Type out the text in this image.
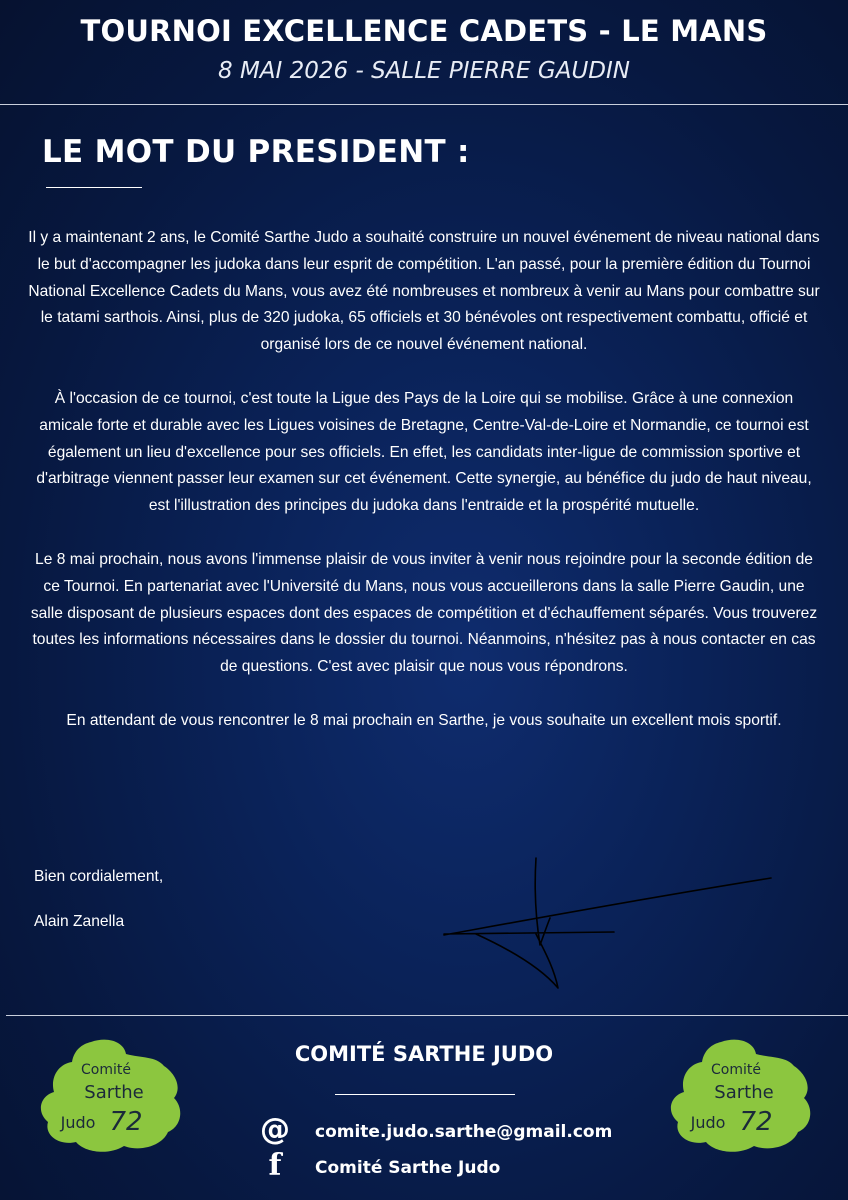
TOURNOI EXCELLENCE CADETS - LE MANS
8 MAI 2026 - SALLE PIERRE GAUDIN
LE MOT DU PRESIDENT :

Il y a maintenant 2 ans, le Comité Sarthe Judo a souhaité construire un nouvel événement de niveau national dans le but d'accompagner les judoka dans leur esprit de compétition. L'an passé, pour la première édition du Tournoi National Excellence Cadets du Mans, vous avez été nombreuses et nombreux à venir au Mans pour combattre sur le tatami sarthois. Ainsi, plus de 320 judoka, 65 officiels et 30 bénévoles ont respectivement combattu, officié et organisé lors de ce nouvel événement national.

À l'occasion de ce tournoi, c'est toute la Ligue des Pays de la Loire qui se mobilise. Grâce à une connexion amicale forte et durable avec les Ligues voisines de Bretagne, Centre-Val-de-Loire et Normandie, ce tournoi est également un lieu d'excellence pour ses officiels. En effet, les candidats inter-ligue de commission sportive et d'arbitrage viennent passer leur examen sur cet événement. Cette synergie, au bénéfice du judo de haut niveau, est l'illustration des principes du judoka dans l'entraide et la prospérité mutuelle.

Le 8 mai prochain, nous avons l'immense plaisir de vous inviter à venir nous rejoindre pour la seconde édition de ce Tournoi. En partenariat avec l'Université du Mans, nous vous accueillerons dans la salle Pierre Gaudin, une salle disposant de plusieurs espaces dont des espaces de compétition et d'échauffement séparés. Vous trouverez toutes les informations nécessaires dans le dossier du tournoi. Néanmoins, n'hésitez pas à nous contacter en cas de questions. C'est avec plaisir que nous vous répondrons.

En attendant de vous rencontrer le 8 mai prochain en Sarthe, je vous souhaite un excellent mois sportif.

Bien cordialement,
Alain Zanella
Comité
Sarthe
Judo 72
COMITÉ SARTHE JUDO
@ comite.judo.sarthe@gmail.com
f	Comité Sarthe Judo
Comité
Sarthe
Judo 72
